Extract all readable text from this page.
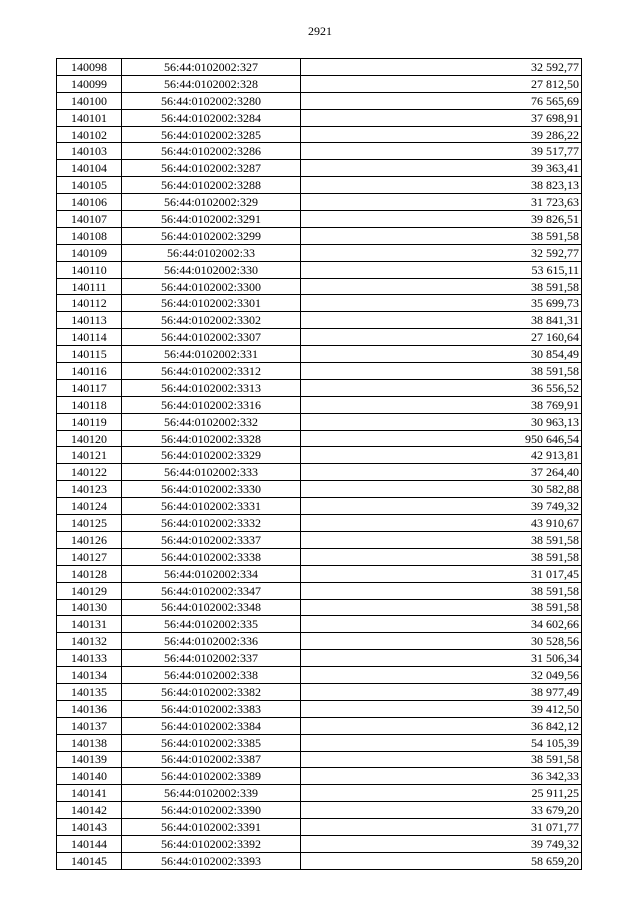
2921
140098	56:44:0102002:327	32 592,77
140099	56:44:0102002:328	27 812,50
140100	56:44:0102002:3280	76 565,69
140101	56:44:0102002:3284	37 698,91
140102	56:44:0102002:3285	39 286,22
140103	56:44:0102002:3286	39 517,77
140104	56:44:0102002:3287	39 363,41
140105	56:44:0102002:3288	38 823,13
140106	56:44:0102002:329	31 723,63
140107	56:44:0102002:3291	39 826,51
140108	56:44:0102002:3299	38 591,58
140109	56:44:0102002:33	32 592,77
140110	56:44:0102002:330	53 615,11
140111	56:44:0102002:3300	38 591,58
140112	56:44:0102002:3301	35 699,73
140113	56:44:0102002:3302	38 841,31
140114	56:44:0102002:3307	27 160,64
140115	56:44:0102002:331	30 854,49
140116	56:44:0102002:3312	38 591,58
140117	56:44:0102002:3313	36 556,52
140118	56:44:0102002:3316	38 769,91
140119	56:44:0102002:332	30 963,13
140120	56:44:0102002:3328	950 646,54
140121	56:44:0102002:3329	42 913,81
140122	56:44:0102002:333	37 264,40
140123	56:44:0102002:3330	30 582,88
140124	56:44:0102002:3331	39 749,32
140125	56:44:0102002:3332	43 910,67
140126	56:44:0102002:3337	38 591,58
140127	56:44:0102002:3338	38 591,58
140128	56:44:0102002:334	31 017,45
140129	56:44:0102002:3347	38 591,58
140130	56:44:0102002:3348	38 591,58
140131	56:44:0102002:335	34 602,66
140132	56:44:0102002:336	30 528,56
140133	56:44:0102002:337	31 506,34
140134	56:44:0102002:338	32 049,56
140135	56:44:0102002:3382	38 977,49
140136	56:44:0102002:3383	39 412,50
140137	56:44:0102002:3384	36 842,12
140138	56:44:0102002:3385	54 105,39
140139	56:44:0102002:3387	38 591,58
140140	56:44:0102002:3389	36 342,33
140141	56:44:0102002:339	25 911,25
140142	56:44:0102002:3390	33 679,20
140143	56:44:0102002:3391	31 071,77
140144	56:44:0102002:3392	39 749,32
140145	56:44:0102002:3393	58 659,20
